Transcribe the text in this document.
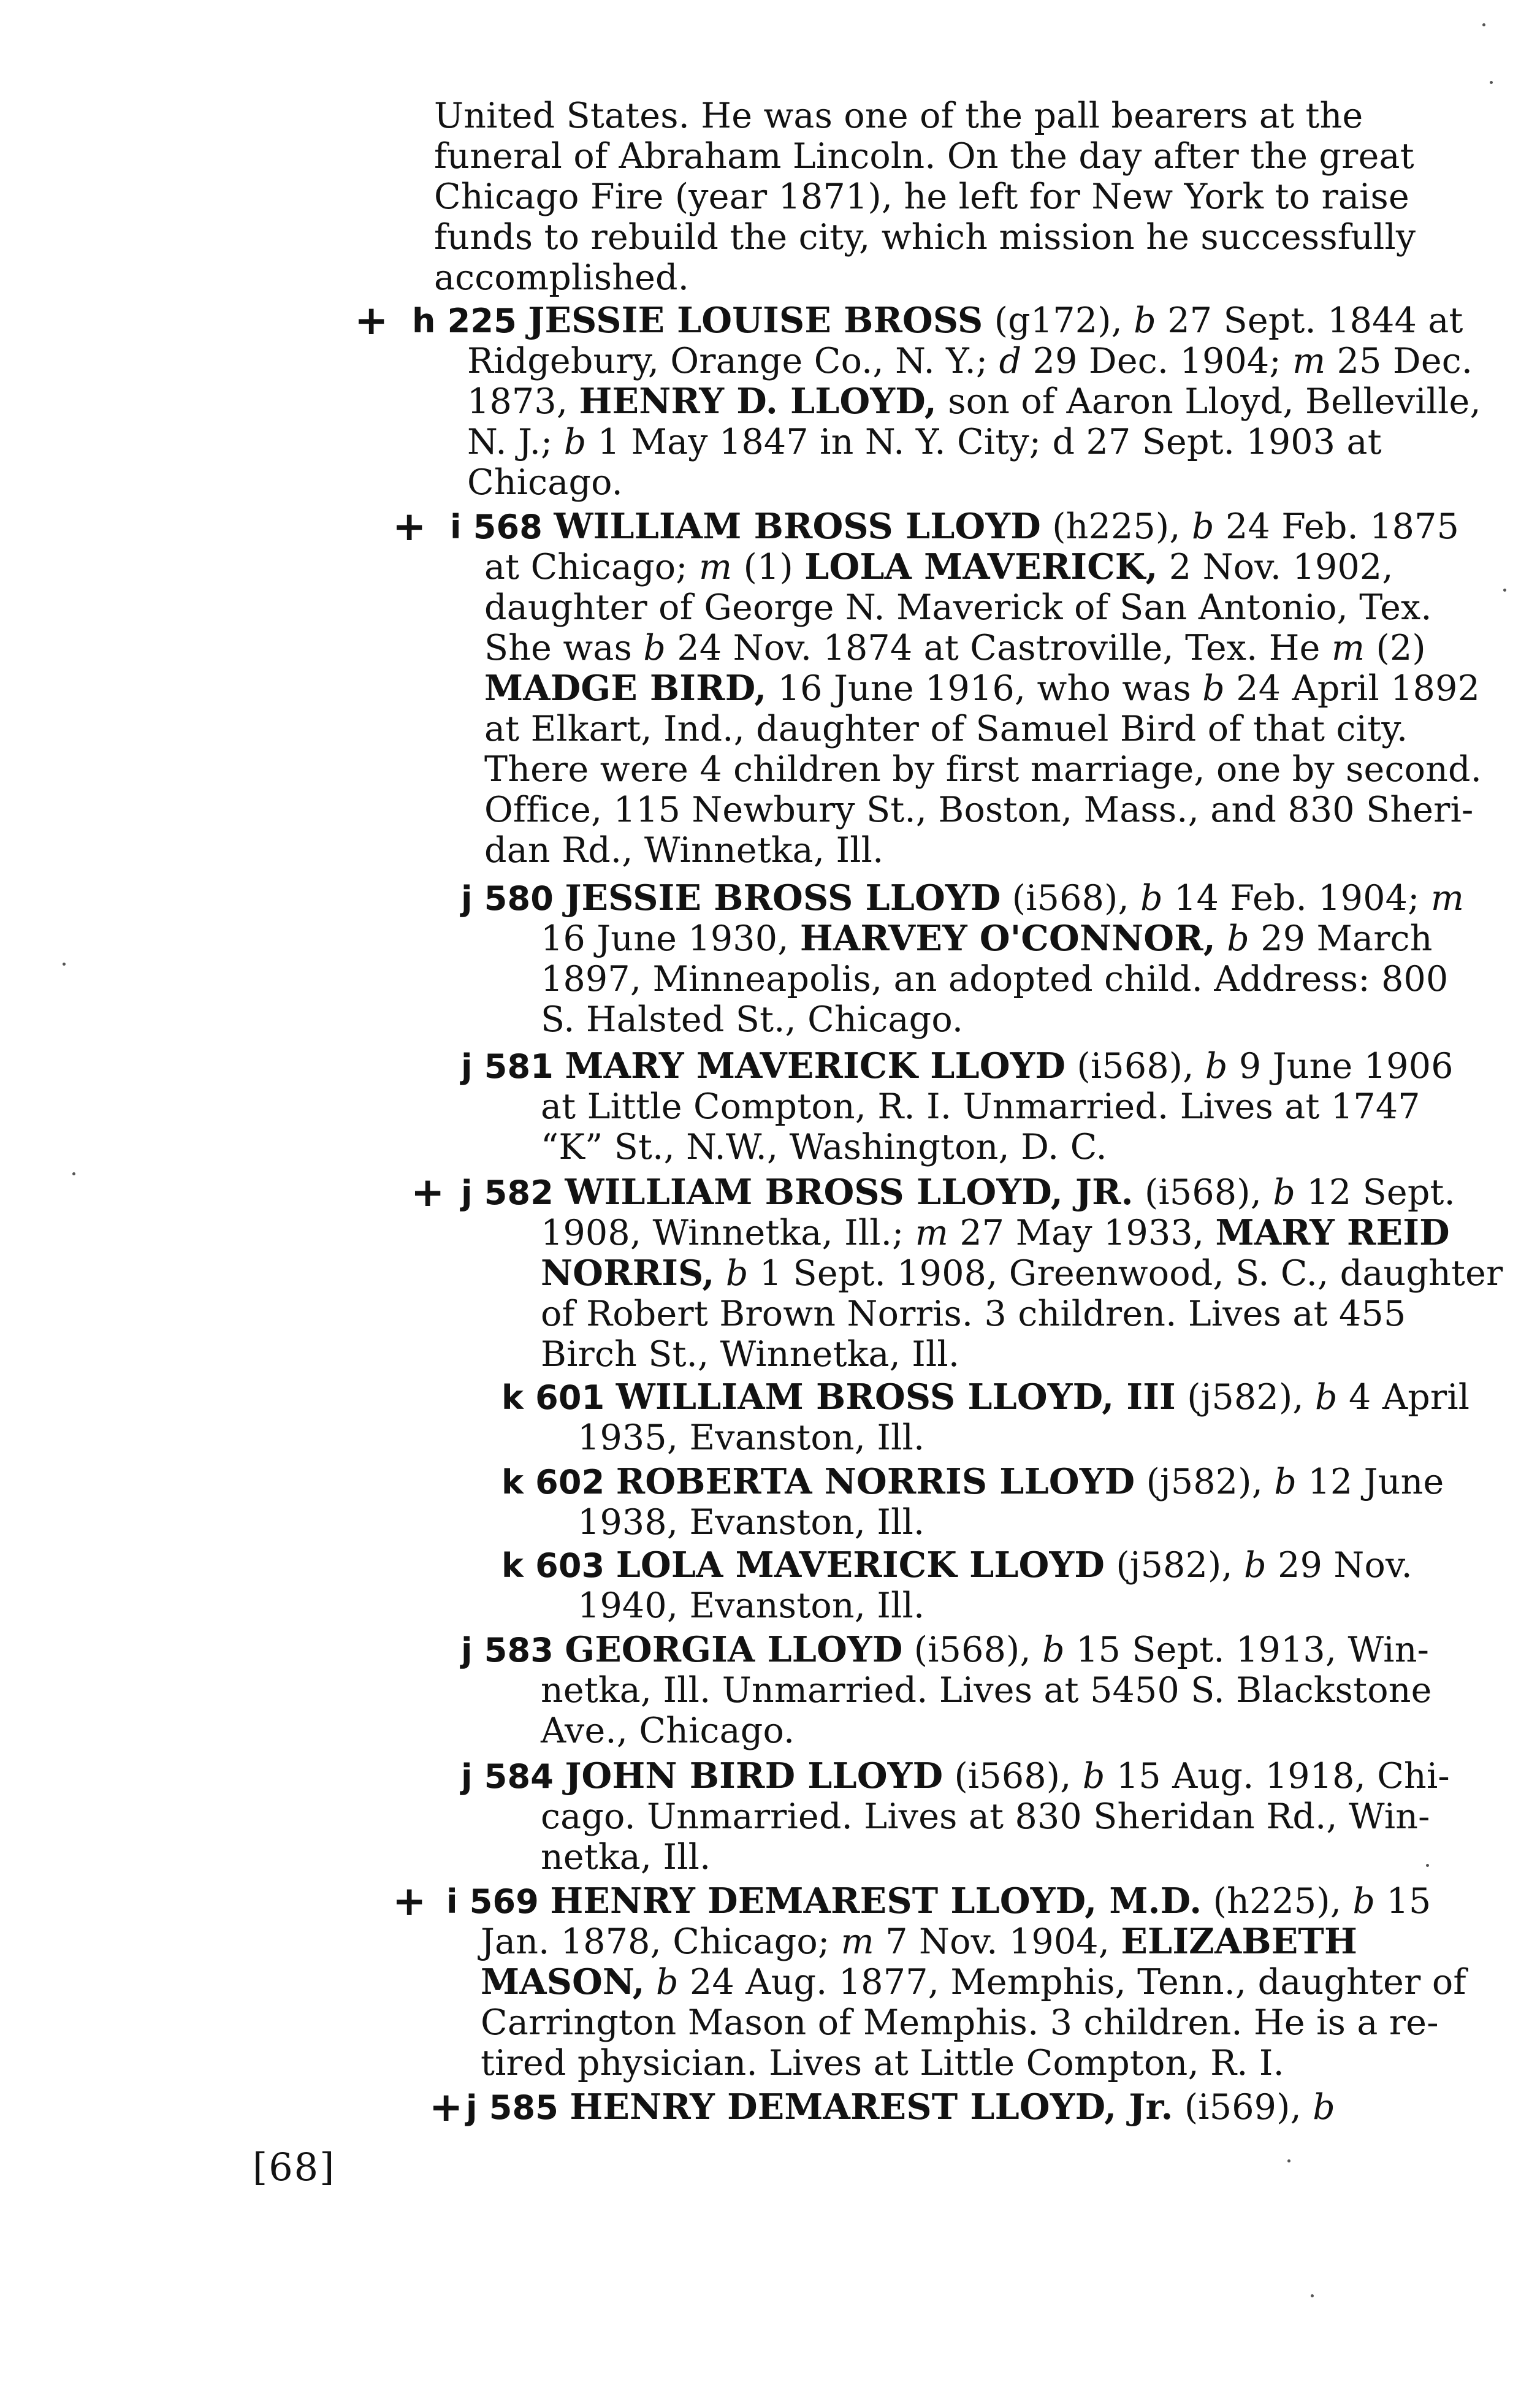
United States. He was one of the pall bearers at the
funeral of Abraham Lincoln. On the day after the great
Chicago Fire (year 1871), he left for New York to raise
funds to rebuild the city, which mission he successfully
accomplished.
+ h 225 JESSIE LOUISE BROSS (g172), b 27 Sept. 1844 at
Ridgebury, Orange Co., N. Y.; d 29 Dec. 1904; m 25 Dec.
1873, HENRY D. LLOYD, son of Aaron Lloyd, Belleville,
N. J.; b 1 May 1847 in N. Y. City; d 27 Sept. 1903 at
Chicago.
+ i 568 WILLIAM BROSS LLOYD (h225), b 24 Feb. 1875
at Chicago; m (1) LOLA MAVERICK, 2 Nov. 1902,
daughter of George N. Maverick of San Antonio, Tex.
She was b 24 Nov. 1874 at Castroville, Tex. He m (2)
MADGE BIRD, 16 June 1916, who was b 24 April 1892
at Elkart, Ind., daughter of Samuel Bird of that city.
There were 4 children by first marriage, one by second.
Office, 115 Newbury St., Boston, Mass., and 830 Sheri-
dan Rd., Winnetka, Ill.
j 580 JESSIE BROSS LLOYD (i568), b 14 Feb. 1904; m
16 June 1930, HARVEY O'CONNOR, b 29 March
1897, Minneapolis, an adopted child. Address: 800
S. Halsted St., Chicago.
j 581 MARY MAVERICK LLOYD (i568), b 9 June 1906
at Little Compton, R. I. Unmarried. Lives at 1747
“K” St., N.W., Washington, D. C.
+ j 582 WILLIAM BROSS LLOYD, JR. (i568), b 12 Sept.
1908, Winnetka, Ill.; m 27 May 1933, MARY REID
NORRIS, b 1 Sept. 1908, Greenwood, S. C., daughter
of Robert Brown Norris. 3 children. Lives at 455
Birch St., Winnetka, Ill.
k 601 WILLIAM BROSS LLOYD, III (j582), b 4 April
1935, Evanston, Ill.
k 602 ROBERTA NORRIS LLOYD (j582), b 12 June
1938, Evanston, Ill.
k 603 LOLA MAVERICK LLOYD (j582), b 29 Nov.
1940, Evanston, Ill.
j 583 GEORGIA LLOYD (i568), b 15 Sept. 1913, Win-
netka, Ill. Unmarried. Lives at 5450 S. Blackstone
Ave., Chicago.
j 584 JOHN BIRD LLOYD (i568), b 15 Aug. 1918, Chi-
cago. Unmarried. Lives at 830 Sheridan Rd., Win-
netka, Ill.
+ i 569 HENRY DEMAREST LLOYD, M.D. (h225), b 15
Jan. 1878, Chicago; m 7 Nov. 1904, ELIZABETH
MASON, b 24 Aug. 1877, Memphis, Tenn., daughter of
Carrington Mason of Memphis. 3 children. He is a re-
tired physician. Lives at Little Compton, R. I.
+ j 585 HENRY DEMAREST LLOYD, Jr. (i569), b
[68]
